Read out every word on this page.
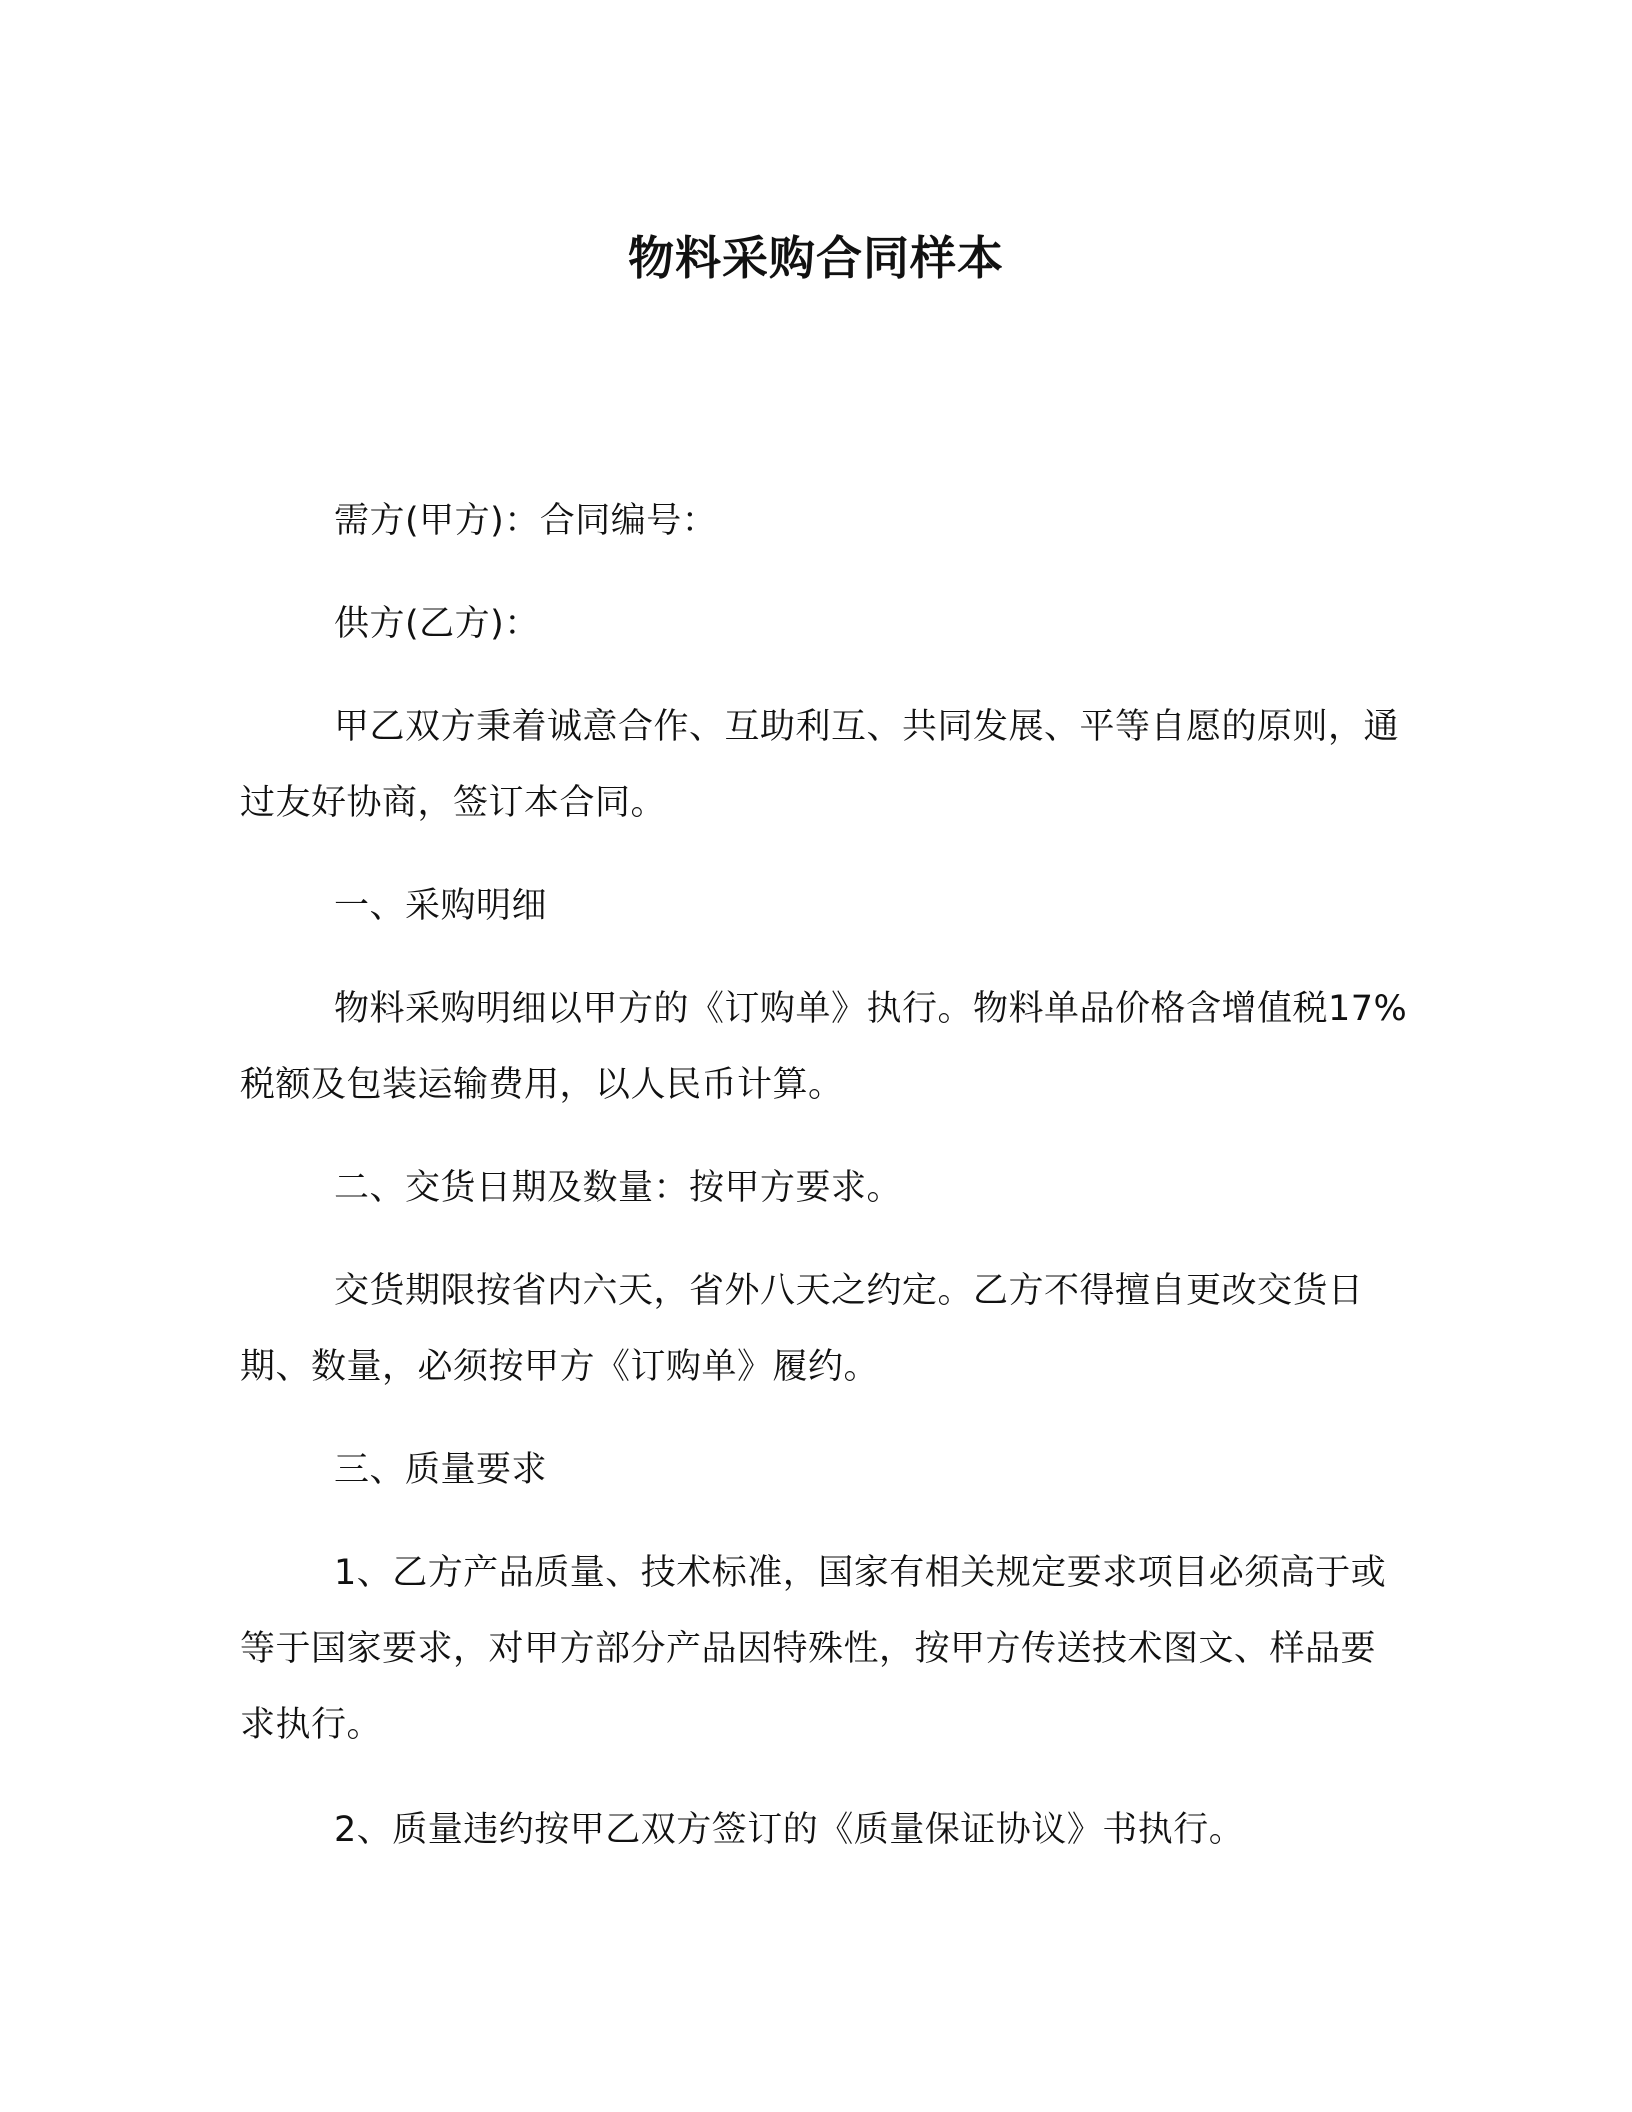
物料采购合同样本

需方(甲方)：合同编号：

供方(乙方)：

甲乙双方秉着诚意合作、互助利互、共同发展、平等自愿的原则，通过友好协商，签订本合同。

一、采购明细

物料采购明细以甲方的《订购单》执行。物料单品价格含增值税17%税额及包装运输费用，以人民币计算。

二、交货日期及数量：按甲方要求。

交货期限按省内六天，省外八天之约定。乙方不得擅自更改交货日期、数量，必须按甲方《订购单》履约。

三、质量要求

1、乙方产品质量、技术标准，国家有相关规定要求项目必须高于或等于国家要求，对甲方部分产品因特殊性，按甲方传送技术图文、样品要求执行。

2、质量违约按甲乙双方签订的《质量保证协议》书执行。
